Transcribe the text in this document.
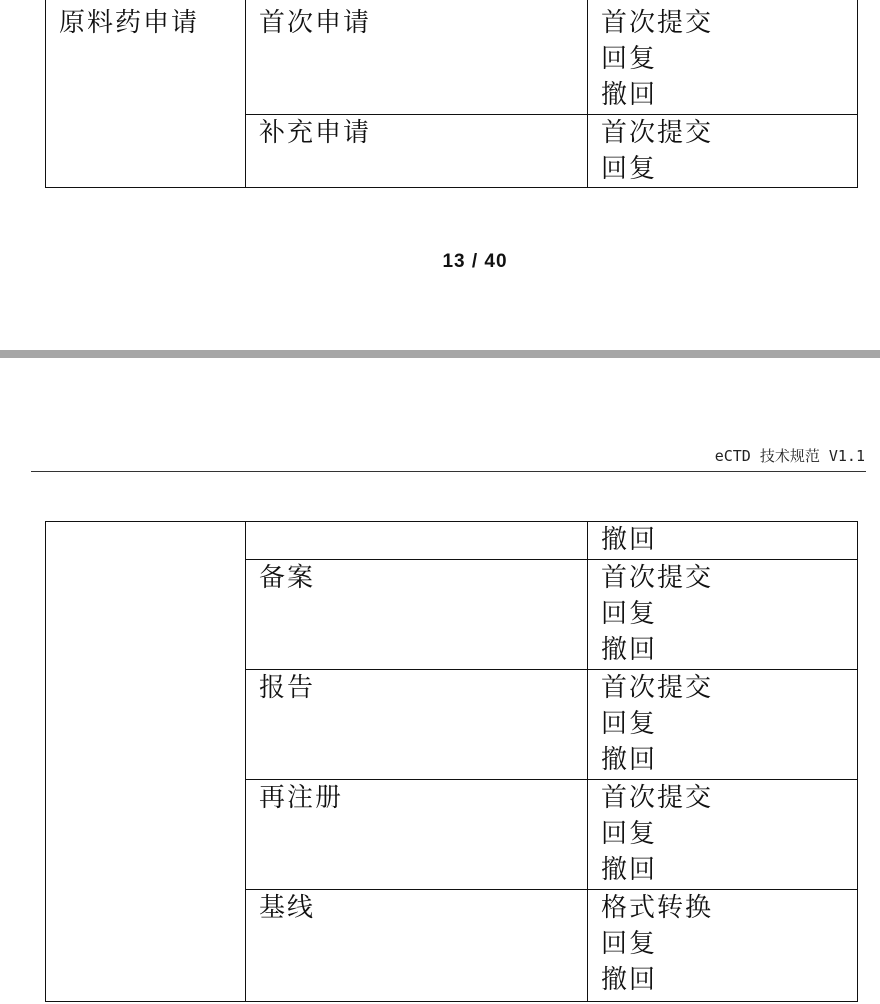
原料药申请	首次申请	首次提交
回复
撤回

	补充申请	首次提交
回复
13 / 40
eCTD 技术规范 V1.1

		撤回

	备案	首次提交
回复
撤回

	报告	首次提交
回复
撤回

	再注册	首次提交
回复
撤回

	基线	格式转换
回复
撤回
